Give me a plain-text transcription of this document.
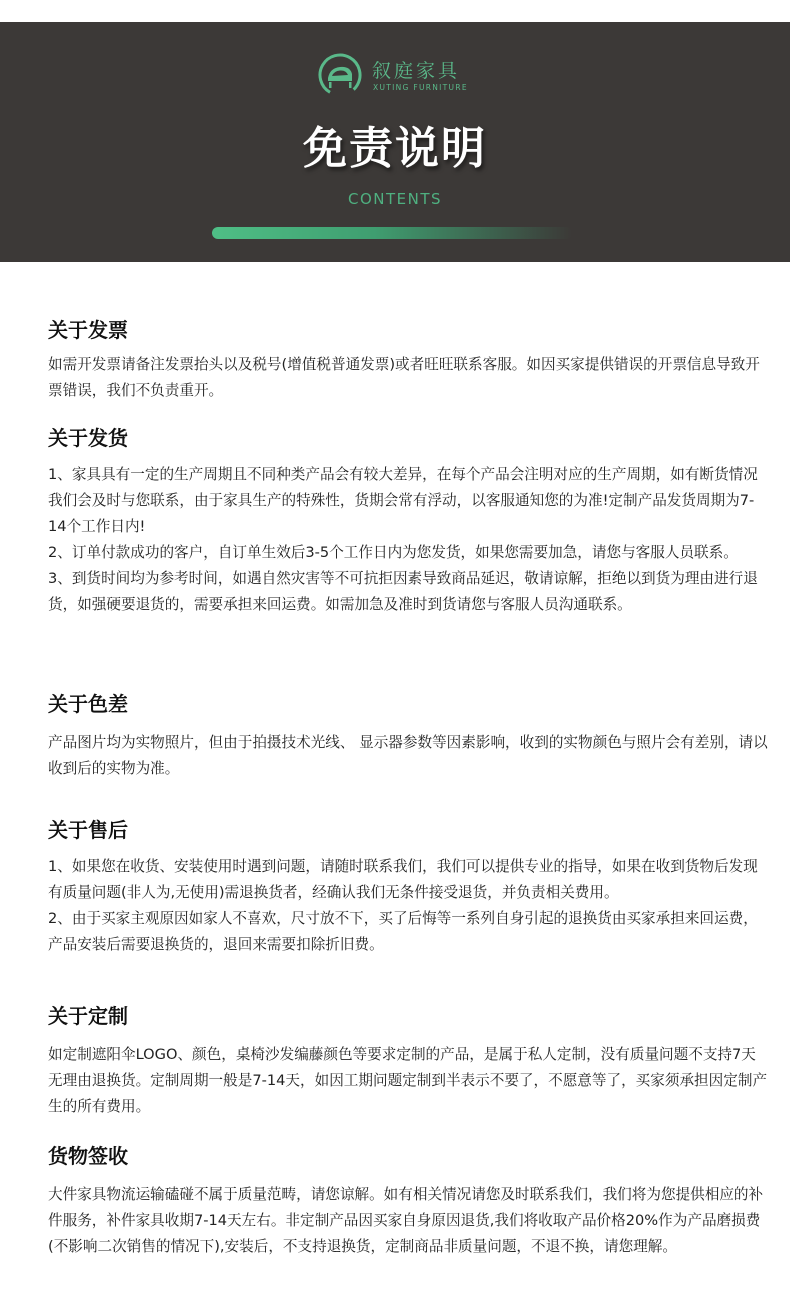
叙庭家具
XUTING FURNITURE
免责说明
CONTENTS
关于发票

如需开发票请备注发票抬头以及税号(增值税普通发票)或者旺旺联系客服。如因买家提供错误的开票信息导致开票错误，我们不负责重开。

关于发货

1、家具具有一定的生产周期且不同种类产品会有较大差异，在每个产品会注明对应的生产周期，如有断货情况我们会及时与您联系，由于家具生产的特殊性，货期会常有浮动，以客服通知您的为准!定制产品发货周期为7-14个工作日内!

2、订单付款成功的客户，自订单生效后3-5个工作日内为您发货，如果您需要加急，请您与客服人员联系。

3、到货时间均为参考时间，如遇自然灾害等不可抗拒因素导致商品延迟，敬请谅解，拒绝以到货为理由进行退货，如强硬要退货的，需要承担来回运费。如需加急及准时到货请您与客服人员沟通联系。

关于色差

产品图片均为实物照片，但由于拍摄技术光线、 显示器参数等因素影响，收到的实物颜色与照片会有差别，请以收到后的实物为准。

关于售后

1、如果您在收货、安装使用时遇到问题，请随时联系我们，我们可以提供专业的指导，如果在收到货物后发现有质量问题(非人为,无使用)需退换货者，经确认我们无条件接受退货，并负责相关费用。

2、由于买家主观原因如家人不喜欢，尺寸放不下，买了后悔等一系列自身引起的退换货由买家承担来回运费，产品安装后需要退换货的，退回来需要扣除折旧费。

关于定制

如定制遮阳伞LOGO、颜色，桌椅沙发编藤颜色等要求定制的产品，是属于私人定制，没有质量问题不支持7天无理由退换货。定制周期一般是7-14天，如因工期问题定制到半表示不要了，不愿意等了，买家须承担因定制产生的所有费用。

货物签收

大件家具物流运输磕碰不属于质量范畴，请您谅解。如有相关情况请您及时联系我们，我们将为您提供相应的补件服务，补件家具收期7-14天左右。非定制产品因买家自身原因退货,我们将收取产品价格20%作为产品磨损费(不影响二次销售的情况下),安装后，不支持退换货，定制商品非质量问题，不退不换，请您理解。
